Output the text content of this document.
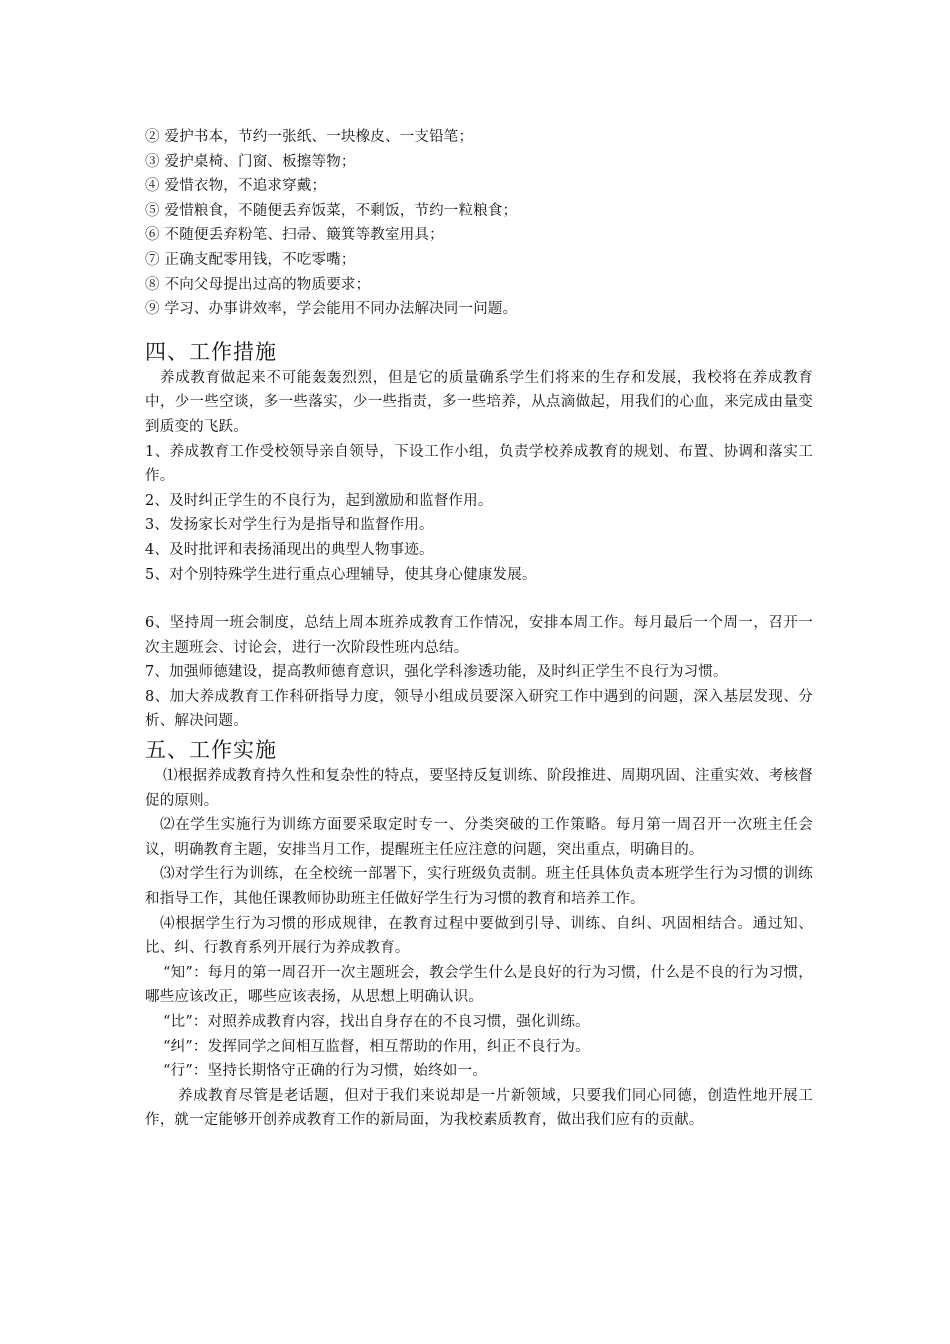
② 爱护书本，节约一张纸、一块橡皮、一支铅笔；
③ 爱护桌椅、门窗、板擦等物；
④ 爱惜衣物，不追求穿戴；
⑤ 爱惜粮食，不随便丢弃饭菜，不剩饭，节约一粒粮食；
⑥ 不随便丢弃粉笔、扫帚、簸箕等教室用具；
⑦ 正确支配零用钱，不吃零嘴；
⑧ 不向父母提出过高的物质要求；
⑨ 学习、办事讲效率，学会能用不同办法解决同一问题。
四、工作措施
养成教育做起来不可能轰轰烈烈，但是它的质量确系学生们将来的生存和发展，我校将在养成教育中，少一些空谈，多一些落实，少一些指责，多一些培养，从点滴做起，用我们的心血，来完成由量变到质变的飞跃。
1、养成教育工作受校领导亲自领导，下设工作小组，负责学校养成教育的规划、布置、协调和落实工作。
2、及时纠正学生的不良行为，起到激励和监督作用。
3、发扬家长对学生行为是指导和监督作用。
4、及时批评和表扬涌现出的典型人物事迹。
5、对个别特殊学生进行重点心理辅导，使其身心健康发展。
6、坚持周一班会制度，总结上周本班养成教育工作情况，安排本周工作。每月最后一个周一，召开一次主题班会、讨论会，进行一次阶段性班内总结。
7、加强师德建设，提高教师德育意识，强化学科渗透功能，及时纠正学生不良行为习惯。
8、加大养成教育工作科研指导力度，领导小组成员要深入研究工作中遇到的问题，深入基层发现、分析、解决问题。
五、工作实施
⑴根据养成教育持久性和复杂性的特点，要坚持反复训练、阶段推进、周期巩固、注重实效、考核督促的原则。
⑵在学生实施行为训练方面要采取定时专一、分类突破的工作策略。每月第一周召开一次班主任会议，明确教育主题，安排当月工作，提醒班主任应注意的问题，突出重点，明确目的。
⑶对学生行为训练，在全校统一部署下，实行班级负责制。班主任具体负责本班学生行为习惯的训练和指导工作，其他任课教师协助班主任做好学生行为习惯的教育和培养工作。
⑷根据学生行为习惯的形成规律，在教育过程中要做到引导、训练、自纠、巩固相结合。通过知、比、纠、行教育系列开展行为养成教育。
“知”：每月的第一周召开一次主题班会，教会学生什么是良好的行为习惯，什么是不良的行为习惯，哪些应该改正，哪些应该表扬，从思想上明确认识。
“比”：对照养成教育内容，找出自身存在的不良习惯，强化训练。
“纠”：发挥同学之间相互监督，相互帮助的作用，纠正不良行为。
“行”：坚持长期恪守正确的行为习惯，始终如一。
养成教育尽管是老话题，但对于我们来说却是一片新领域，只要我们同心同德，创造性地开展工作，就一定能够开创养成教育工作的新局面，为我校素质教育，做出我们应有的贡献。
